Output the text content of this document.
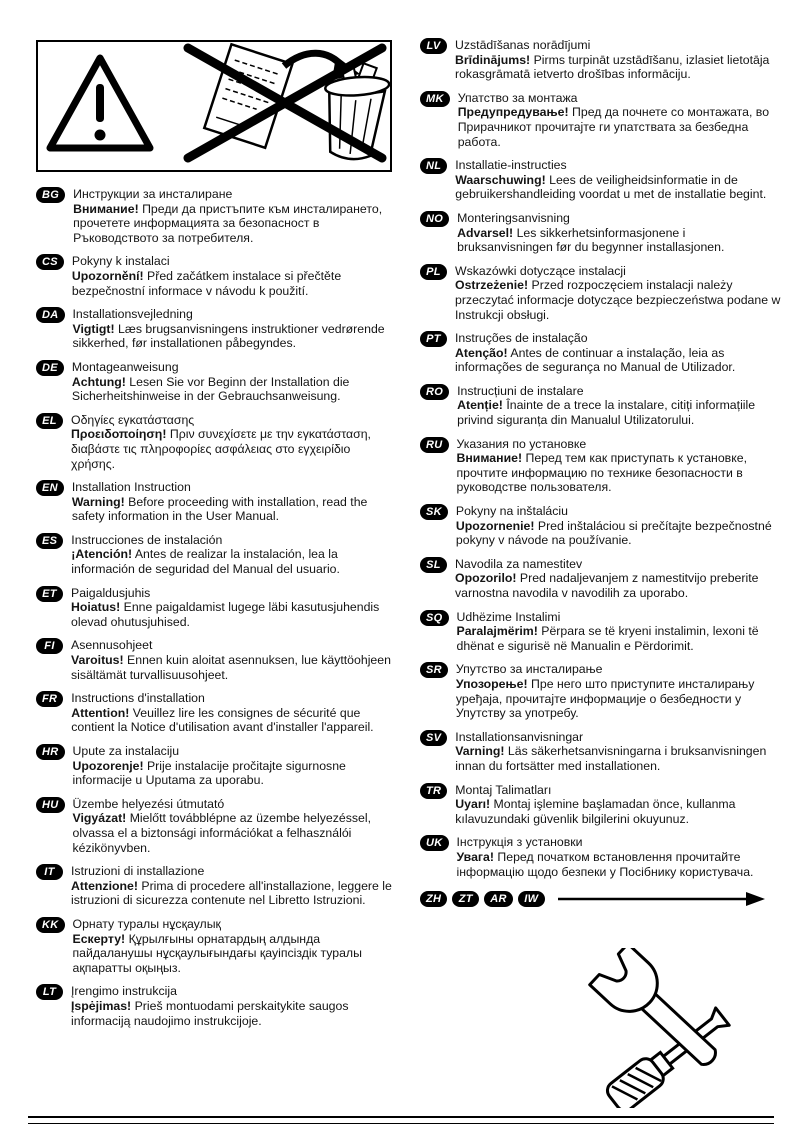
BG	Инструкции за инсталиране
Внимание! Преди да пристъпите към инсталирането, прочетете информацията за безопасност в Ръководството за потребителя.
CS	Pokyny k instalaci
Upozornění! Před začátkem instalace si přečtěte bezpečnostní informace v návodu k použití.
DA	Installationsvejledning
Vigtigt! Læs brugsanvisningens instruktioner vedrørende sikkerhed, før installationen påbegyndes.
DE	Montageanweisung
Achtung! Lesen Sie vor Beginn der Installation die Sicherheitshinweise in der Gebrauchsanweisung.
EL	Οδηγίες εγκατάστασης
Προειδοποίηση! Πριν συνεχίσετε με την εγκατάσταση, διαβάστε τις πληροφορίες ασφάλειας στο εγχειρίδιο χρήσης.
EN	Installation Instruction
Warning! Before proceeding with installation, read the safety information in the User Manual.
ES	Instrucciones de instalación
¡Atención! Antes de realizar la instalación, lea la información de seguridad del Manual del usuario.
ET	Paigaldusjuhis
Hoiatus! Enne paigaldamist lugege läbi kasutusjuhendis olevad ohutusjuhised.
FI	Asennusohjeet
Varoitus! Ennen kuin aloitat asennuksen, lue käyttöohjeen sisältämät turvallisuusohjeet.
FR	Instructions d'installation
Attention! Veuillez lire les consignes de sécurité que contient la Notice d'utilisation avant d'installer l'appareil.
HR	Upute za instalaciju
Upozorenje! Prije instalacije pročitajte sigurnosne informacije u Uputama za uporabu.
HU	Üzembe helyezési útmutató
Vigyázat! Mielőtt továbblépne az üzembe helyezéssel, olvassa el a biztonsági információkat a felhasználói kézikönyvben.
IT	Istruzioni di installazione
Attenzione! Prima di procedere all'installazione, leggere le istruzioni di sicurezza contenute nel Libretto Istruzioni.
KK	Орнату туралы нұсқаулық
Ескерту! Құрылғыны орнатардың алдында пайдаланушы нұсқаулығындағы қауіпсіздік туралы ақпаратты оқыңыз.
LT	Įrengimo instrukcija
Įspėjimas! Prieš montuodami perskaitykite saugos informaciją naudojimo instrukcijoje.
LV	Uzstādīšanas norādījumi
Brīdinājums! Pirms turpināt uzstādīšanu, izlasiet lietotāja rokasgrāmatā ietverto drošības informāciju.
MK	Упатство за монтажа
Предупредување! Пред да почнете со монтажата, во Прирачникот прочитајте ги упатствата за безбедна работа.
NL	Installatie-instructies
Waarschuwing! Lees de veiligheidsinformatie in de gebruikershandleiding voordat u met de installatie begint.
NO	Monteringsanvisning
Advarsel! Les sikkerhetsinformasjonene i bruksanvisningen før du begynner installasjonen.
PL	Wskazówki dotyczące instalacji
Ostrzeżenie! Przed rozpoczęciem instalacji należy przeczytać informacje dotyczące bezpieczeństwa podane w Instrukcji obsługi.
PT	Instruções de instalação
Atenção! Antes de continuar a instalação, leia as informações de segurança no Manual de Utilizador.
RO	Instrucțiuni de instalare
Atenție! Înainte de a trece la instalare, citiți informațiile privind siguranța din Manualul Utilizatorului.
RU	Указания по установке
Внимание! Перед тем как приступать к установке, прочтите информацию по технике безопасности в руководстве пользователя.
SK	Pokyny na inštaláciu
Upozornenie! Pred inštaláciou si prečítajte bezpečnostné pokyny v návode na používanie.
SL	Navodila za namestitev
Opozorilo! Pred nadaljevanjem z namestitvijo preberite varnostna navodila v navodilih za uporabo.
SQ	Udhëzime Instalimi
Paralajmërim! Përpara se të kryeni instalimin, lexoni të dhënat e sigurisë në Manualin e Përdorimit.
SR	Упутство за инсталирање
Упозорење! Пре него што приступите инсталирању уређаја, прочитајте информације о безбедности у Упутству за употребу.
SV	Installationsanvisningar
Varning! Läs säkerhetsanvisningarna i bruksanvisningen innan du fortsätter med installationen.
TR	Montaj Talimatları
Uyarı! Montaj işlemine başlamadan önce, kullanma kılavuzundaki güvenlik bilgilerini okuyunuz.
UK	Інструкція з установки
Увага! Перед початком встановлення прочитайте інформацію щодо безпеки у Посібнику користувача.
ZH	ZT	AR	IW
